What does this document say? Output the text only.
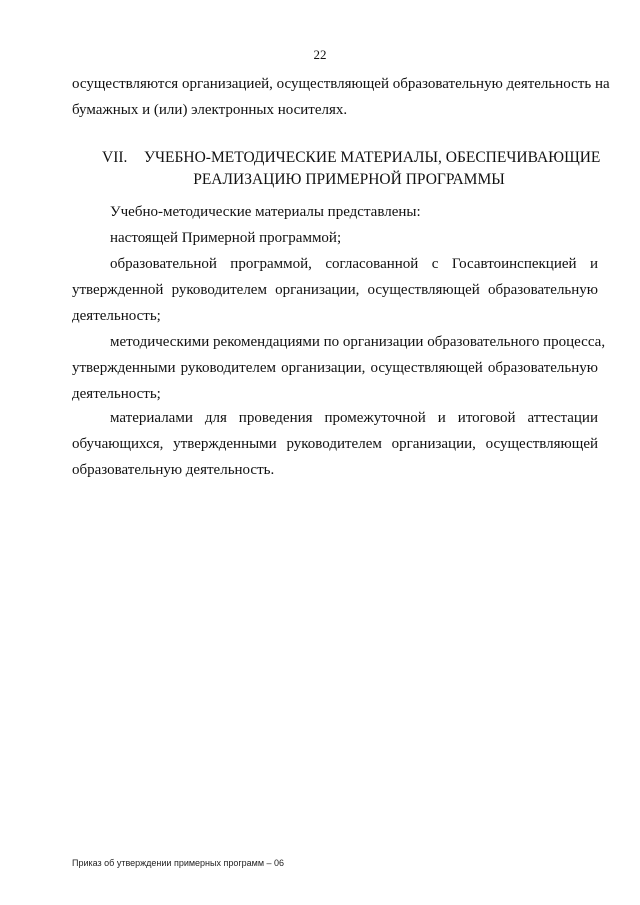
22
осуществляются организацией, осуществляющей образовательную деятельность на
бумажных и (или) электронных носителях.
VII. УЧЕБНО-МЕТОДИЧЕСКИЕ МАТЕРИАЛЫ, ОБЕСПЕЧИВАЮЩИЕ
РЕАЛИЗАЦИЮ ПРИМЕРНОЙ ПРОГРАММЫ
Учебно-методические материалы представлены:
настоящей Примерной программой;
образовательной программой, согласованной с Госавтоинспекцией и
утвержденной руководителем организации, осуществляющей образовательную
деятельность;
методическими рекомендациями по организации образовательного процесса,
утвержденными руководителем организации, осуществляющей образовательную
деятельность;
материалами для проведения промежуточной и итоговой аттестации
обучающихся, утвержденными руководителем организации, осуществляющей
образовательную деятельность.
Приказ об утверждении примерных программ – 06
